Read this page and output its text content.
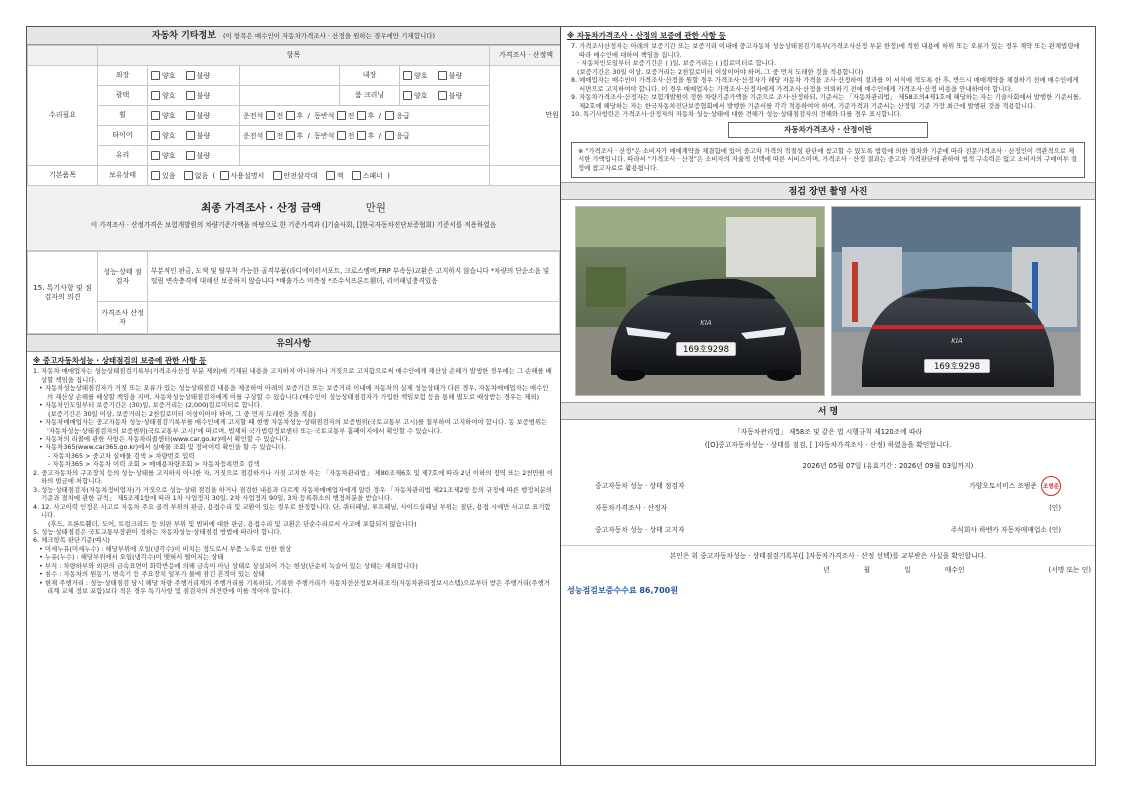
자동차 기타정보 (이 항목은 매수인이 자동차가격조사 · 산정을 원하는 경우에만 기재합니다)
	항목					가격조사 · 산정액
수리필요	외장	양호 불량		내장	양호 불량	만원
	광택	양호 불량		룸 크리닝	양호 불량	
	휠	양호 불량	운전석 전 후 / 동반석 전 후 / 응급			
	타이어	양호 불량	운전석 전 후 / 동반석 전 후 / 응급			
	유리	양호 불량				
기본품목	보유상태	있음 없음 ( 사용설명서 안전삼각대 잭 스패너 )				
최종 가격조사 · 산정 금액	만원
이 가격조사 · 산정가격은 보험개발원의 차량기준가액을 바탕으로 한 기준가격과 (]기술사회, []한국자동차진단보증협회) 기준서를 적용하였음
15. 특기사항 및 점검자의 의견	성능·상태 점검자	부분적인 판금, 도색 및 탈부착 가능한 골격부품(라디에이터서포트, 크로스멤버,FRP 부속등)교환은 고지하지 않습니다 *차량의 단순소음 및 떨림 변속충격에 대해선 보증하지 않습니다 *배출가스 미측정 *조수석프론트휀더, 리어패널충격있음
	가격조사 산정자	
유의사항
※ 중고자동차성능 · 상태점검의 보증에 관한 사항 등

1. 자동차 매매업자는 성능상태점검기록부(가격조사산정 부분 제외)에 기재된 내용을 고지하지 아니하거나 거짓으로 고지함으로써 매수인에게 재산상 손해가 발생한 경우에는 그 손해를 배상할 책임을 집니다.

• 자동차성능상태점검자가 거짓 또는 오류가 있는 성능상태점검 내용을 제공하여 아래의 보증기간 또는 보증거리 이내에 자동차의 실제 성능상태가 다른 경우, 자동차매매업자는 매수인의 재산상 손해를 배상할 책임을 지며, 자동차성능상태점검자에게 이를 구상할 수 있습니다.(매수인이 성능상태점검자가 가입한 책임보험 등을 통해 별도로 배상받는 경우는 제외)

• 자동차인도일부터 보증기간은 (30)일, 보증거리는 (2,000)킬로미터로 합니다.

(보증기간은 30일 이상, 보증거리는 2천킬로미터 이상이어야 하며, 그 중 먼저 도래한 것을 적용)

• 자동차매매업자는 중고자동차 성능·상태점검기록부를 매수인에게 고지할 때 현행 자동차성능·상태점검자의 보증범위(국토교통부 고시)를 첨부하여 고지하여야 합니다. 동 보증범위는 '자동차성능·상태점검자의 보증범위(국토교통부 고시)'에 따르며, 법제처 국가법령정보센터 또는 국토교통부 홈페이지에서 확인할 수 있습니다.

• 자동차의 리콜에 관한 사항은 자동차리콜센터(www.car.go.kr)에서 확인할 수 있습니다.

• 자동차365(www.car365.go.kr)에서 실매물 조회 및 정비이력 확인을 할 수 있습니다.

- 자동차365 > 중고차 실매물 검색 > 차량번호 입력

- 자동차365 > 자동차 이력 조회 > 매매용차량조회 > 자동차등록번호 검색

2. 중고자동차의 구조장치 등의 성능·상태를 고지하지 아니한 자, 거짓으로 점검하거나 거짓 고지한 자는 「자동차관리법」 제80조제6호 및 제7호에 따라 2년 이하의 징역 또는 2천만원 이하의 벌금에 처합니다.

3. 성능·상태점검자(자동차정비업자)가 거짓으로 성능·상태 점검을 하거나 점검한 내용과 다르게 자동차매매업자에게 알린 경우 「자동차관리법 제21조제2항 등의 규정에 따른 행정처분의 기준과 절차에 관한 규칙」 제5조제1항에 따라 1차 사업정지 30일, 2차 사업정지 90일, 3차 등록취소의 행정처분을 받습니다.

4. 12. 사고이력 인정은 사고로 자동차 주요 골격 부위의 판금, 용접수리 및 교환이 있는 경우로 한정합니다. 단, 쿼터패널, 루프패널, 사이드실패널 부위는 절단, 용접 시에만 사고로 표기합니다.

(후드, 프론트휀더, 도어, 트렁크리드 등 외판 부위 및 범퍼에 대한 판금, 용접수리 및 교환은 단순수리로서 사고에 포함되지 않습니다)

5. 성능·상태점검은 국토교통부장관이 정하는 자동차성능·상태점검 방법에 따라야 합니다.

6. 체크항목 판단기준(예시)

• 미세누유(미세누수) : 해당부위에 오일(냉각수)이 비치는 정도로서 부품 노후로 인한 현상

• 누유(누수) : 해당부위에서 오일(냉각수)이 맺혀서 떨어지는 상태

• 부식 : 차량하부와 외판의 금속표면이 화학반응에 의해 금속이 아닌 상태로 상실되어 가는 현상(단순히 녹슬어 있는 상태는 제외합니다)

• 침수 : 자동차의 원동기, 변속기 등 주요장치 일부가 물에 잠긴 흔적이 있는 상태

• 현재 주행거리 : 성능·상태점검 당시 해당 차량 주행거리계의 주행거리를 기록하되, 기록한 주행거리가 자동차전산정보처리조직(자동차관리정보시스템)으로부터 받은 주행거리(주행거리계 교체 정보 포함)보다 적은 경우 특기사항 및 점검자의 의견란에 이를 적어야 합니다.

※ 자동차가격조사 · 산정의 보증에 관한 사항 등

7. 가격조사산정자는 아래의 보증기간 또는 보증거리 이내에 중고자동차 성능상태점검기록부(가격조사산정 부분 한정)에 적힌 내용에 허위 또는 오류가 있는 경우 계약 또는 관계법령에 따라 매수인에 대하여 책임을 집니다.

· 자동차인도일부터 보증기간은 ( )일, 보증거리는 ( )킬로미터로 합니다.

(보증기간은 30일 이상, 보증거리는 2천킬로미터 이상이어야 하며, 그 중 먼저 도래한 것을 적용합니다)

8. 매매업자는 매수인이 가격조사·산정을 원할 경우 가격조사·산정자가 해당 자동차 가격을 조사·산정하여 결과를 이 서식에 적도록 한 후, 반드시 매매계약을 체결하기 전에 매수인에게 서면으로 고지하여야 합니다. 이 경우 매매업자는 가격조사·산정자에게 가격조사·산정을 의뢰하기 전에 매수인에게 가격조사·산정 비용을 안내하여야 합니다.

9. 자동차가격조사·산정자는 보험개발원이 정한 차량기준가액을 기준으로 조사·산정하되, 기준서는 「자동차관리법」 제58조의4제1호에 해당하는 자는 기술사회에서 발행한 기준서를, 제2호에 해당하는 자는 한국자동차진단보증협회에서 발행한 기준서를 각각 적용하여야 하며, 기준가격과 기준서는 산정일 기준 가장 최근에 발행된 것을 적용합니다.

10. 특기사항란은 가격조사·산정자의 자동차 성능·상태에 대한 견해가 성능·상태점검자의 견해와 다를 경우 표시합니다.

자동차가격조사 · 산정이란
※ "가격조사 · 산정"은 소비자가 매매계약을 체결함에 있어 중고차 가격의 적절성 판단에 참고할 수 있도록 법령에 의한 절차와 기준에 따라 전문가격조사 · 산정인이 객관적으로 제시한 가액입니다. 따라서 "가격조사 · 산정"은 소비자의 자율적 선택에 따른 서비스이며, 가격조사 · 산정 결과는 중고차 가격판단에 관하여 법적 구속력은 없고 소비자의 구매여부 결정에 참고자료로 활용됩니다.
점검 장면 촬영 사진
169호9298
KIA
169호9298
KIA
서 명
「자동차관리법」 제58조 및 같은 법 시행규칙 제120조에 따라
([O]중고자동차성능 · 상태를 점검, [ ]자동차가격조사 · 산정) 하였음을 확인합니다.
2026년 05월 07일 (유효기간 : 2026년 09월 03일까지)
중고자동차 성능 · 상태 점검자	가양오토서비스 조범준	조범준
자동차가격조사 · 산정자	(인)
중고자동차 성능 · 상태 고지자	주식회사 하벤카 자동차매매업소 (인)
본인은 위 중고자동차성능 · 상태점검기록부([ ]자동차가격조사 · 산정 선택)를 교부받은 사실을 확인합니다.
년	월	일	매수인	(서명 또는 인)
성능점검보증수수료 86,700원
